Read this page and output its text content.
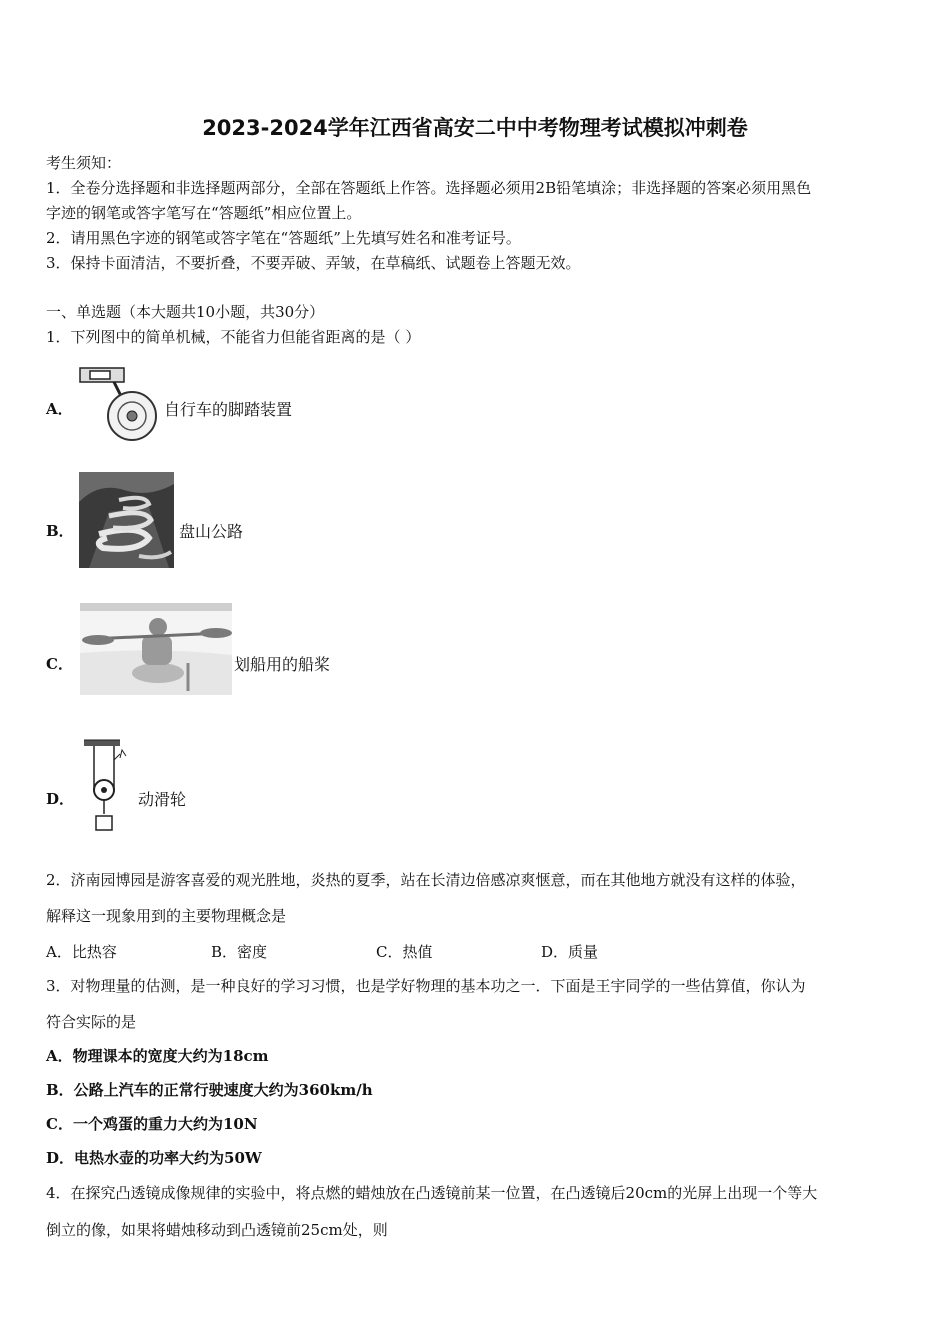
2023-2024学年江西省高安二中中考物理考试模拟冲刺卷
考生须知：
1．全卷分选择题和非选择题两部分，全部在答题纸上作答。选择题必须用2B铅笔填涂；非选择题的答案必须用黑色
字迹的钢笔或答字笔写在“答题纸”相应位置上。
2．请用黑色字迹的钢笔或答字笔在“答题纸”上先填写姓名和准考证号。
3．保持卡面清洁，不要折叠，不要弄破、弄皱，在草稿纸、试题卷上答题无效。
一、单选题（本大题共10小题，共30分）
1．下列图中的简单机械，不能省力但能省距离的是（ ）
A．	自行车的脚踏装置
B．	盘山公路
C．	划船用的船桨
D．	动滑轮
2．济南园博园是游客喜爱的观光胜地，炎热的夏季，站在长清边倍感凉爽惬意，而在其他地方就没有这样的体验，
解释这一现象用到的主要物理概念是
A．比热容	B．密度	C．热值	D．质量
3．对物理量的估测，是一种良好的学习习惯，也是学好物理的基本功之一．下面是王宇同学的一些估算值，你认为
符合实际的是
A．物理课本的宽度大约为18cm
B．公路上汽车的正常行驶速度大约为360km/h
C．一个鸡蛋的重力大约为10N
D．电热水壶的功率大约为50W
4．在探究凸透镜成像规律的实验中，将点燃的蜡烛放在凸透镜前某一位置，在凸透镜后20cm的光屏上出现一个等大
倒立的像，如果将蜡烛移动到凸透镜前25cm处，则
